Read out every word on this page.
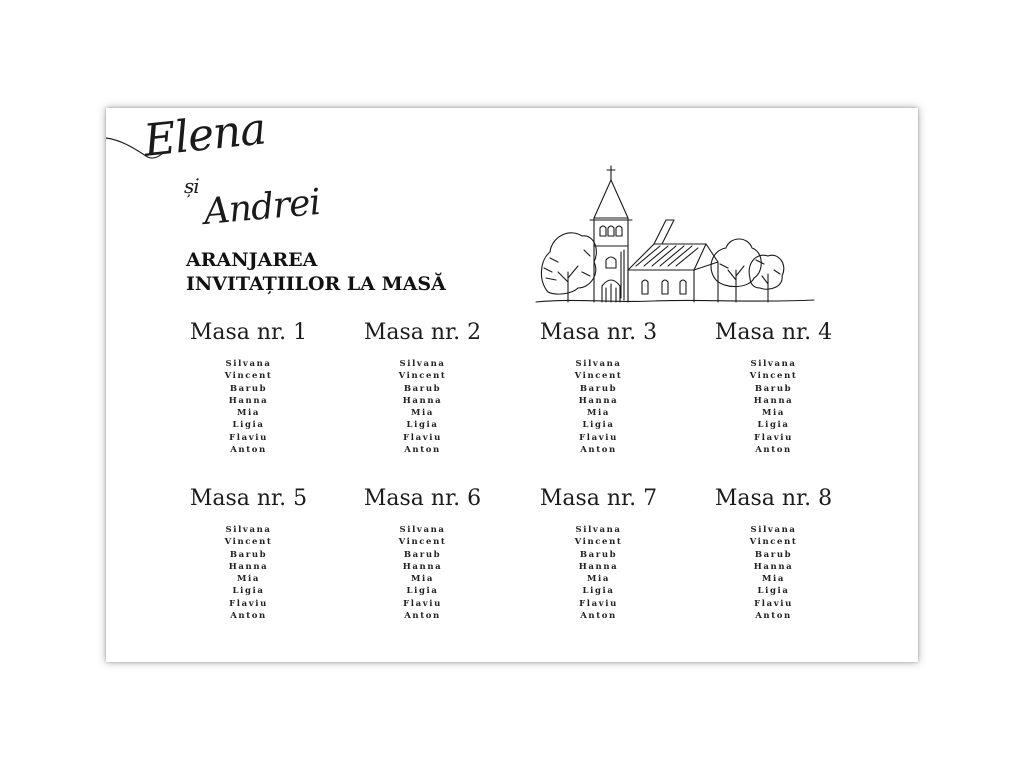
Elena
și Andrei
ARANJAREA
INVITAȚIILOR LA MASĂ
Masa nr. 1
Silvana
Vincent
Barub
Hanna
Mia
Ligia
Flaviu
Anton
Masa nr. 2
Silvana
Vincent
Barub
Hanna
Mia
Ligia
Flaviu
Anton
Masa nr. 3
Silvana
Vincent
Barub
Hanna
Mia
Ligia
Flaviu
Anton
Masa nr. 4
Silvana
Vincent
Barub
Hanna
Mia
Ligia
Flaviu
Anton
Masa nr. 5
Silvana
Vincent
Barub
Hanna
Mia
Ligia
Flaviu
Anton
Masa nr. 6
Silvana
Vincent
Barub
Hanna
Mia
Ligia
Flaviu
Anton
Masa nr. 7
Silvana
Vincent
Barub
Hanna
Mia
Ligia
Flaviu
Anton
Masa nr. 8
Silvana
Vincent
Barub
Hanna
Mia
Ligia
Flaviu
Anton
